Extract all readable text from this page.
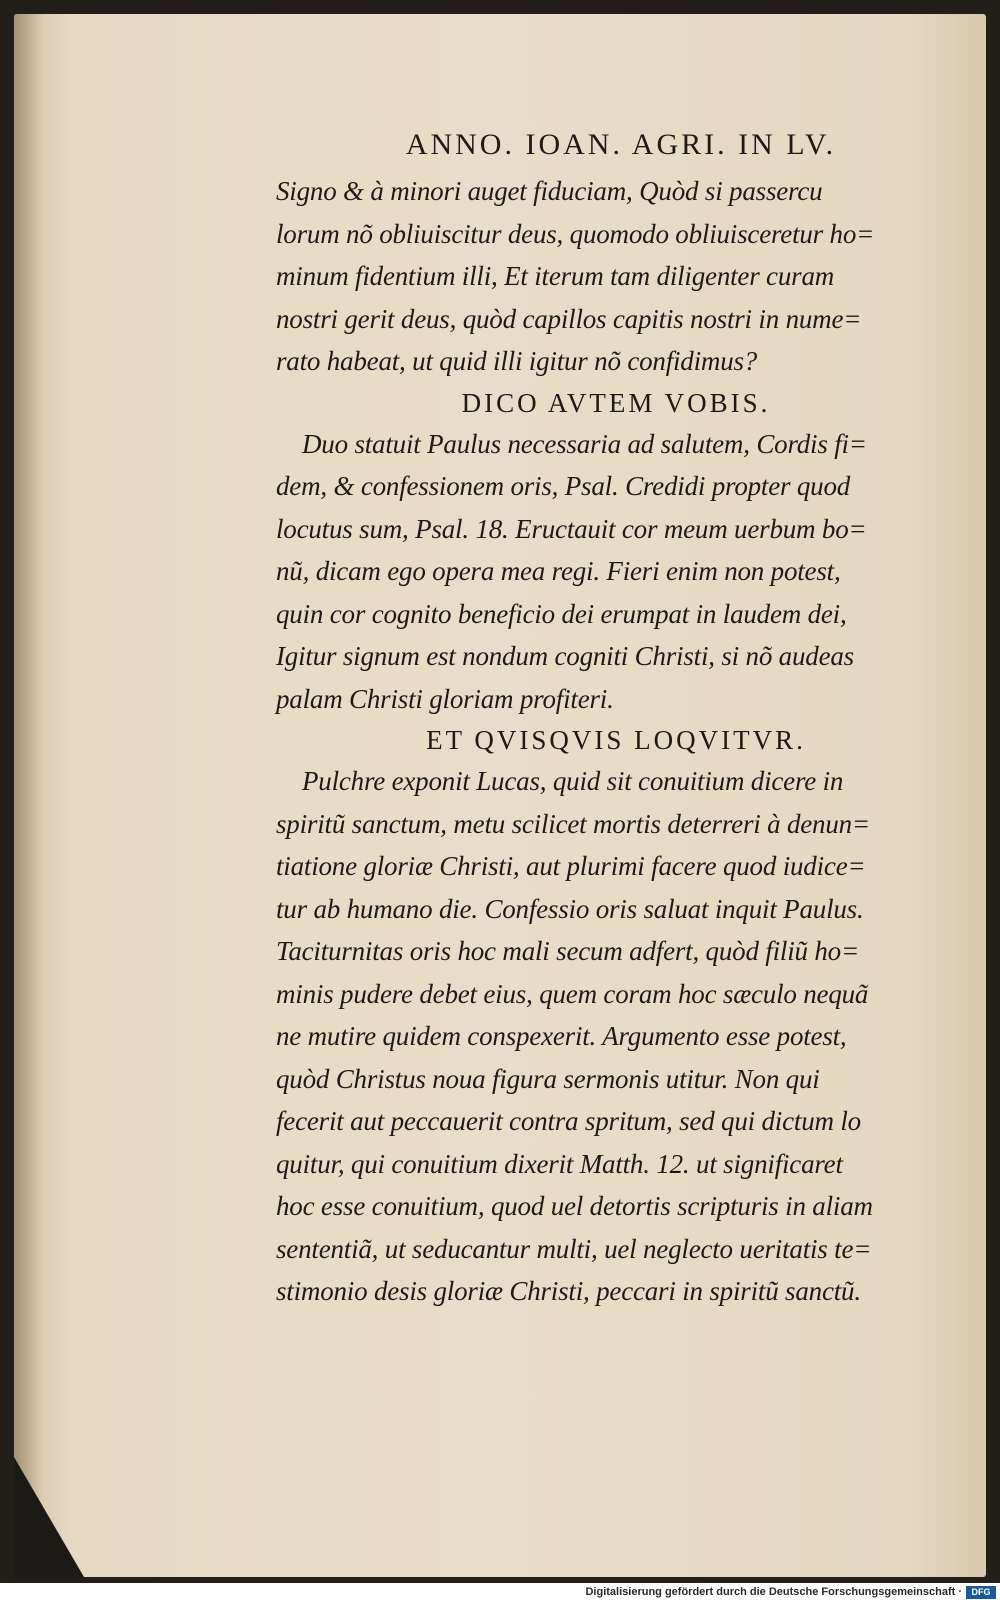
ANNO. IOAN. AGRI. IN LV.
Signo & à minori auget fiduciam, Quòd si passercu
lorum nõ obliuiscitur deus, quomodo obliuisceretur ho=
minum fidentium illi, Et iterum tam diligenter curam
nostri gerit deus, quòd capillos capitis nostri in nume=
rato habeat, ut quid illi igitur nõ confidimus?
DICO AVTEM VOBIS.
Duo statuit Paulus necessaria ad salutem, Cordis fi=
dem, & confessionem oris, Psal. Credidi propter quod
locutus sum, Psal. 18. Eructauit cor meum uerbum bo=
nũ, dicam ego opera mea regi. Fieri enim non potest,
quin cor cognito beneficio dei erumpat in laudem dei,
Igitur signum est nondum cogniti Christi, si nõ audeas
palam Christi gloriam profiteri.
ET QVISQVIS LOQVITVR.
Pulchre exponit Lucas, quid sit conuitium dicere in
spiritũ sanctum, metu scilicet mortis deterreri à denun=
tiatione gloriæ Christi, aut plurimi facere quod iudice=
tur ab humano die. Confessio oris saluat inquit Paulus.
Taciturnitas oris hoc mali secum adfert, quòd filiũ ho=
minis pudere debet eius, quem coram hoc sæculo nequã
ne mutire quidem conspexerit. Argumento esse potest,
quòd Christus noua figura sermonis utitur. Non qui
fecerit aut peccauerit contra spritum, sed qui dictum lo
quitur, qui conuitium dixerit Matth. 12. ut significaret
hoc esse conuitium, quod uel detortis scripturis in aliam
sententiã, ut seducantur multi, uel neglecto ueritatis te=
stimonio desis gloriæ Christi, peccari in spiritũ sanctũ.
Digitalisierung gefördert durch die Deutsche Forschungsgemeinschaft ·	DFG
